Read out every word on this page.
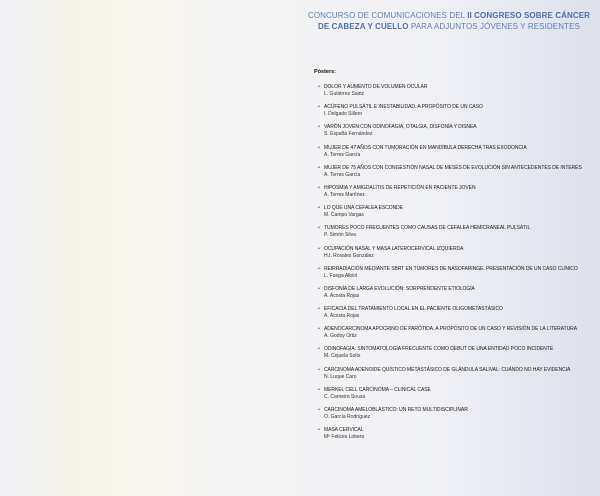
CONCURSO DE COMUNICACIONES DEL II CONGRESO SOBRE CÁNCER
DE CABEZA Y CUELLO PARA ADJUNTOS JÓVENES Y RESIDENTES
Pósters:
• DOLOR Y AUMENTO DE VOLUMEN OCULAR
L. Gutiérrez Sainz
• ACÚFENO PULSÁTIL E INESTABILIDAD. A PROPÓSITO DE UN CASO
I. Delgado Sillero
• VARÓN JOVEN CON ODINOFAGIA, OTALGIA, DISFONÍA Y DISNEA
S. España Fernández
• MUJER DE 47 AÑOS CON TUMORACIÓN EN MANDÍBULA DERECHA TRAS EXODONCIA
A. Torres García
• MUJER DE 75 AÑOS CON CONGESTIÓN NASAL DE MESES DE EVOLUCIÓN SIN ANTECEDENTES DE INTERÉS
A. Torres García
• HIPOSMIA Y AMIGDALITIS DE REPETICIÓN EN PACIENTE JOVEN
A. Torres Martínez
• LO QUE UNA CEFALEA ESCONDE
M. Campo Vargas
• TUMORES POCO FRECUENTES COMO CAUSAS DE CEFALEA HEMICRANEAL PULSÁTIL
P. Simón Silva
• OCUPACIÓN NASAL Y MASA LATEROCERVICAL IZQUIERDA
H.I. Rosales González
• REIRRADIACIÓN MEDIANTE SBRT EN TUMORES DE NASOFARINGE. PRESENTACIÓN DE UN CASO CLÍNICO
L. Fuega Albiol
• DISFONÍA DE LARGA EVOLUCIÓN: SORPRENDENTE ETIOLOGÍA
A. Acosta Rojas
• EFICACIA DEL TRATAMIENTO LOCAL EN EL PACIENTE OLIGOMETASTÁSICO
A. Acosta Rojas
• ADENOCARCINOMA APOCRINO DE PARÓTIDA. A PROPÓSITO DE UN CASO Y REVISIÓN DE LA LITERATURA
A. Godoy Ortiz
• ODINOFAGIA: SINTOMATOLOGÍA FRECUENTE COMO DEBUT DE UNA ENTIDAD POCO INCIDENTE
M. Cejuela Solís
• CARCINOMA ADENOIDE QUÍSTICO METASTÁSICO DE GLÁNDULA SALIVAL: CUÁNDO NO HAY EVIDENCIA
N. Luque Caro
• MERKEL CELL CARCINOMA – CLINICAL CASE
C. Carneiro Sousa
• CARCINOMA AMELOBLÁSTICO: UN RETO MULTIDISCIPLINAR
O. García Rodríguez
• MASA CERVICAL
Mª Felices Lobera
